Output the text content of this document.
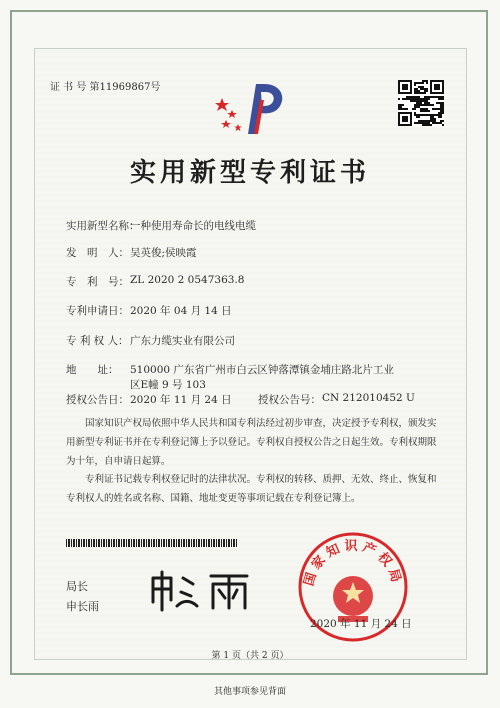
证 书 号 第11969867号
实用新型专利证书
实用新型名称：
一种使用寿命长的电线电缆
发　明　人： 吴英俊;侯映霞
专　利　号： ZL 2020 2 0547363.8
专利申请日： 2020 年 04 月 14 日
专 利 权 人： 广东力缆实业有限公司
地　　址： 510000 广东省广州市白云区钟落潭镇金埔庄路北片工业
区E幢 9 号 103
授权公告日： 2020 年 11 月 24 日	授权公告号： CN 212010452 U
国家知识产权局依照中华人民共和国专利法经过初步审查，决定授予专利权，颁发实用新型专利证书并在专利登记簿上予以登记。专利权自授权公告之日起生效。专利权期限为十年，自申请日起算。
专利证书记载专利权登记时的法律状况。专利权的转移、质押、无效、终止、恢复和专利权人的姓名或名称、国籍、地址变更等事项记载在专利登记簿上。
局长
申长雨
国家知识产权局
2020 年 11 月 24 日
第 1 页（共 2 页）
其他事项参见背面
